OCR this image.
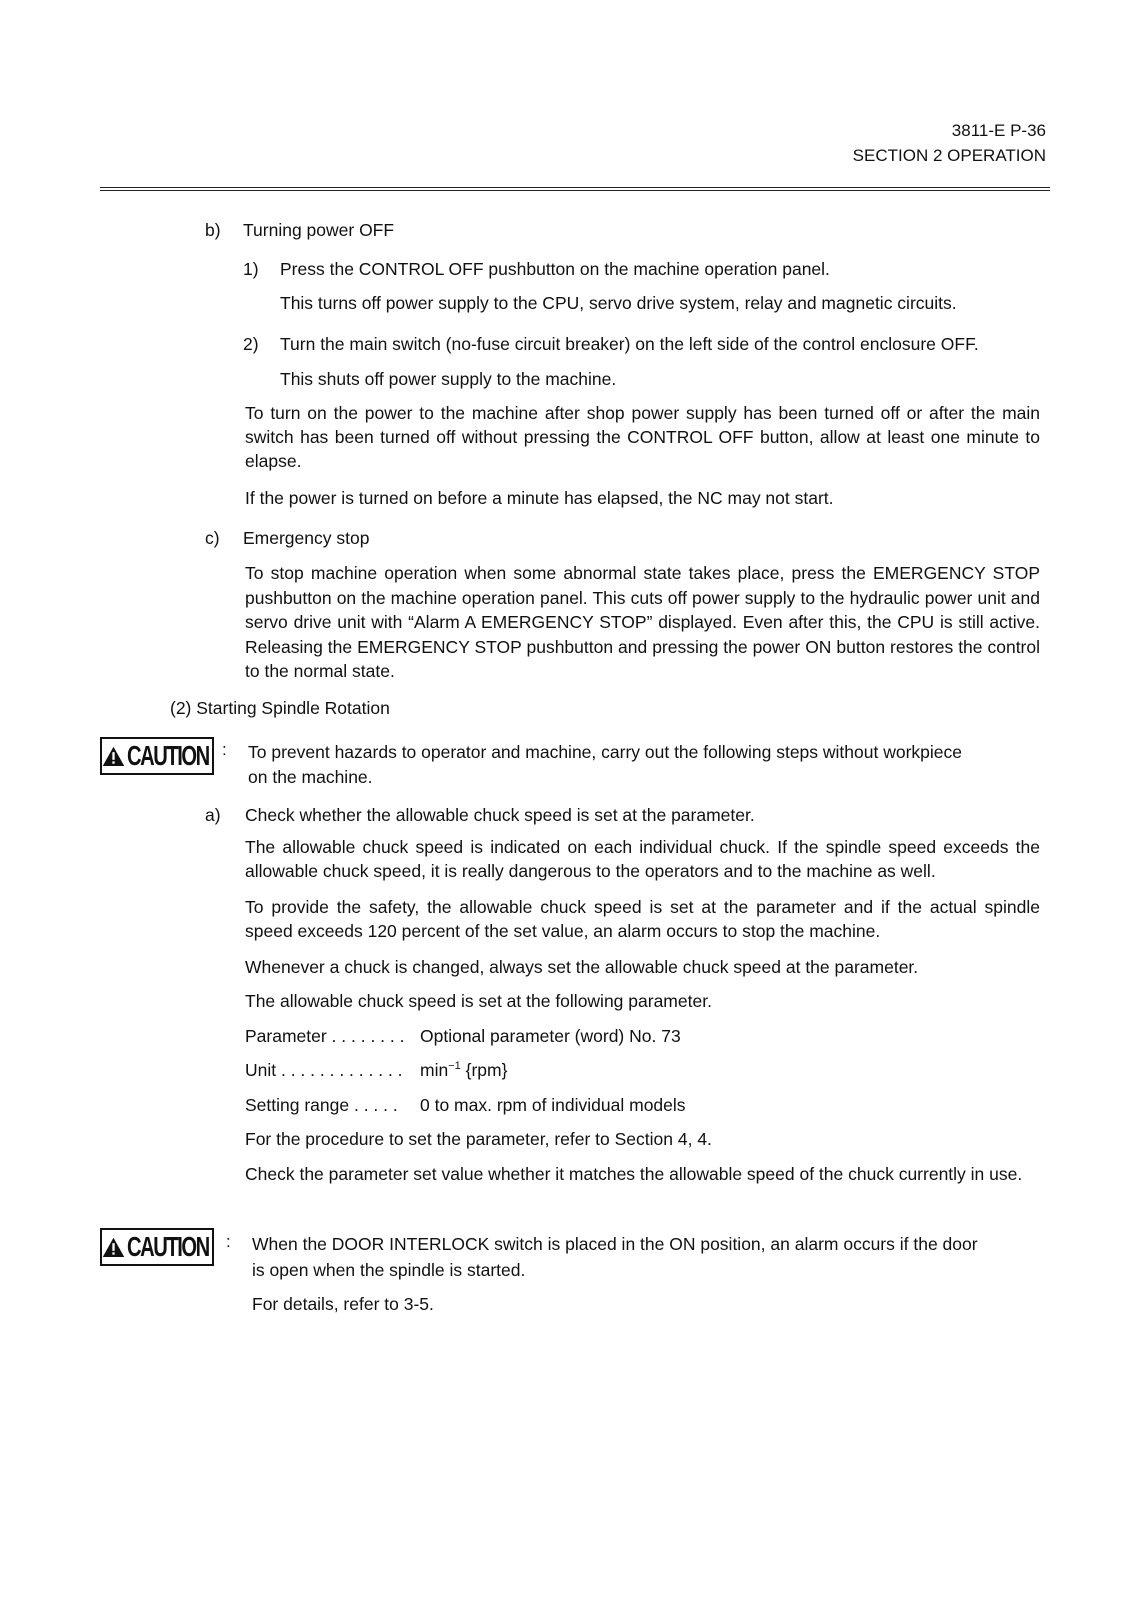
3811-E P-36
SECTION 2 OPERATION
b) Turning power OFF
1) Press the CONTROL OFF pushbutton on the machine operation panel.
This turns off power supply to the CPU, servo drive system, relay and magnetic circuits.
2) Turn the main switch (no-fuse circuit breaker) on the left side of the control enclosure OFF.
This shuts off power supply to the machine.
To turn on the power to the machine after shop power supply has been turned off or after the main switch has been turned off without pressing the CONTROL OFF button, allow at least one minute to elapse.
If the power is turned on before a minute has elapsed, the NC may not start.
c) Emergency stop
To stop machine operation when some abnormal state takes place, press the EMERGENCY STOP pushbutton on the machine operation panel. This cuts off power supply to the hydraulic power unit and servo drive unit with “Alarm A EMERGENCY STOP” displayed. Even after this, the CPU is still active. Releasing the EMERGENCY STOP pushbutton and pressing the power ON button restores the control to the normal state.
(2) Starting Spindle Rotation
CAUTION : To prevent hazards to operator and machine, carry out the following steps without workpiece
on the machine.
a) Check whether the allowable chuck speed is set at the parameter.
The allowable chuck speed is indicated on each individual chuck. If the spindle speed exceeds the allowable chuck speed, it is really dangerous to the operators and to the machine as well.
To provide the safety, the allowable chuck speed is set at the parameter and if the actual spindle speed exceeds 120 percent of the set value, an alarm occurs to stop the machine.
Whenever a chuck is changed, always set the allowable chuck speed at the parameter.
The allowable chuck speed is set at the following parameter.
Parameter . . . . . . . . Optional parameter (word) No. 73
Unit . . . . . . . . . . . . . $\min^{-1} \{rpm\}$
Setting range . . . . . 0 to max. rpm of individual models
For the procedure to set the parameter, refer to Section 4, 4.
Check the parameter set value whether it matches the allowable speed of the chuck currently in use.
CAUTION : When the DOOR INTERLOCK switch is placed in the ON position, an alarm occurs if the door
is open when the spindle is started.
For details, refer to 3-5.
